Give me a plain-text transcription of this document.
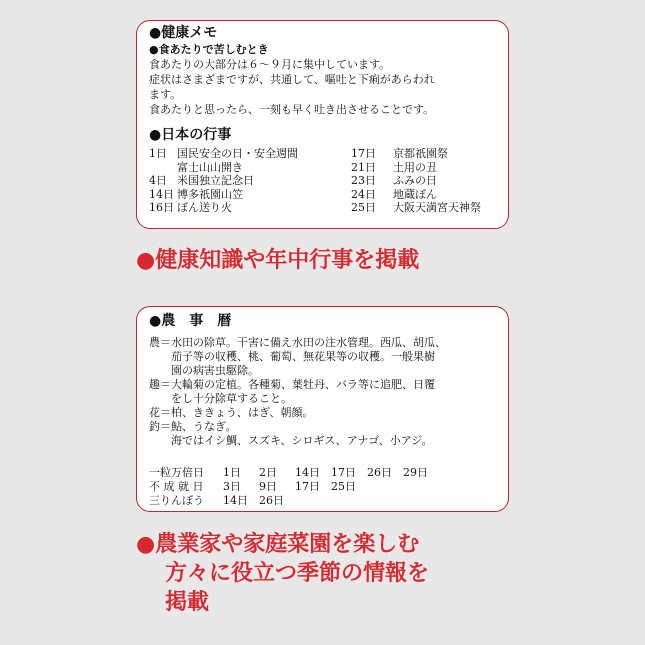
●健康メモ
●食あたりで苦しむとき
食あたりの大部分は６～９月に集中しています。
症状はさまざまですが、共通して、嘔吐と下痢があらわれ
ます。
食あたりと思ったら、一刻も早く吐き出させることです。
●日本の行事
1日 国民安全の日・安全週間	17日	京都祇園祭
富士山山開き	21日	土用の丑
4日 米国独立記念日	23日	ふみの日
14日 博多祇園山笠	24日	地蔵ぼん
16日 ぼん送り火	25日	大阪天満宮天神祭
●健康知識や年中行事を掲載
●農　事　暦
農＝水田の除草。干害に備え水田の注水管理。西瓜、胡瓜、
茄子等の収穫、桃、葡萄、無花果等の収穫。一般果樹
園の病害虫駆除。
趣＝大輪菊の定植。各種菊、葉牡丹、バラ等に追肥、日覆
をし十分除草すること。
花＝柏、ききょう、はぎ、朝顔。
釣＝鮎、うなぎ。
海ではイシ鯛、スズキ、シロギス、アナゴ、小アジ。
一粒万倍日	1日	2日	14日	17日	26日	29日
不 成 就 日	3日	9日	17日	25日
三りんぼう	14日	26日
●農業家や家庭菜園を楽しむ
方々に役立つ季節の情報を
掲載
